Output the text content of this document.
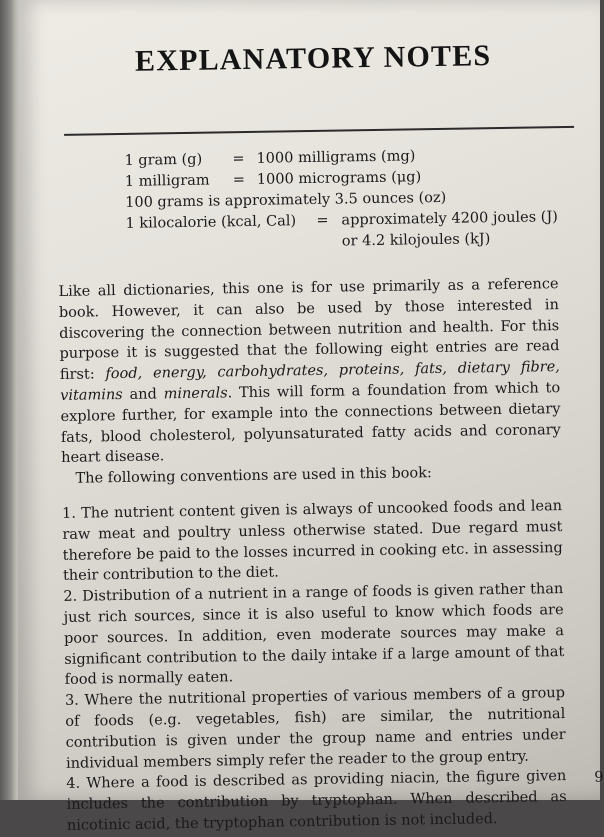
EXPLANATORY NOTES
1 gram (g)	= 1000 milligrams (mg)
1 milligram	= 1000 micrograms (μg)
100 grams is approximately 3.5 ounces (oz)
1 kilocalorie (kcal, Cal)	= approximately 4200 joules (J)
or 4.2 kilojoules (kJ)

Like all dictionaries, this one is for use primarily as a reference book. However, it can also be used by those interested in discovering the connection between nutrition and health. For this purpose it is suggested that the following eight entries are read first: food, energy, carbohydrates, proteins, fats, dietary fibre, vitamins and minerals. This will form a foundation from which to explore further, for example into the connections between dietary fats, blood cholesterol, polyunsaturated fatty acids and coronary heart disease.

The following conventions are used in this book:

1. The nutrient content given is always of uncooked foods and lean raw meat and poultry unless otherwise stated. Due regard must therefore be paid to the losses incurred in cooking etc. in assessing their contribution to the diet.

2. Distribution of a nutrient in a range of foods is given rather than just rich sources, since it is also useful to know which foods are poor sources. In addition, even moderate sources may make a significant contribution to the daily intake if a large amount of that food is normally eaten.

3. Where the nutritional properties of various members of a group of foods (e.g. vegetables, fish) are similar, the nutritional contribution is given under the group name and entries under individual members simply refer the reader to the group entry.

4. Where a food is described as providing niacin, the figure given includes the contribution by tryptophan. When described as nicotinic acid, the tryptophan contribution is not included.

9
